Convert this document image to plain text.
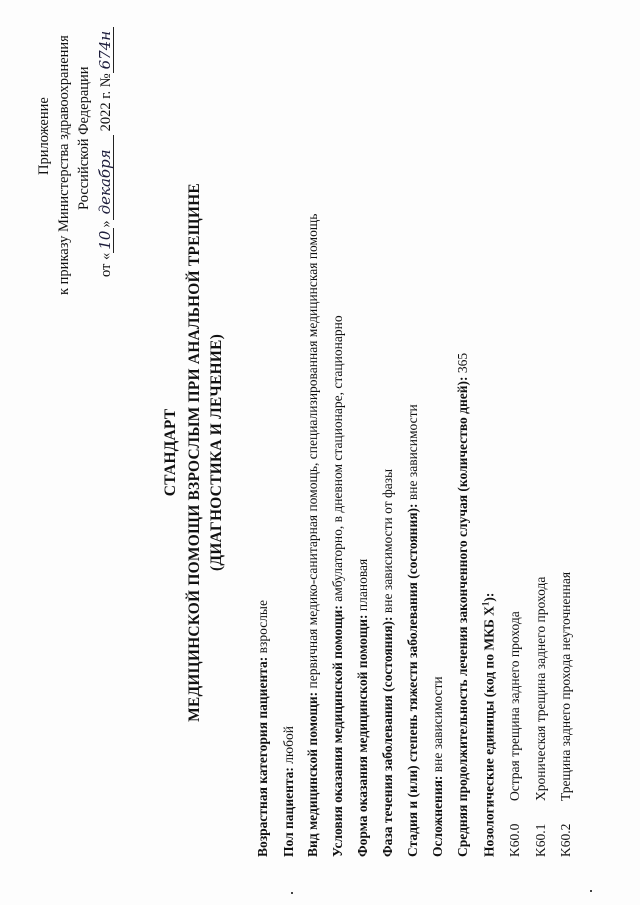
Приложение к приказу Министерства здравоохранения Российской Федерации
от «10»декабря2022 г. №674н
СТАНДАРТ МЕДИЦИНСКОЙ ПОМОЩИ ВЗРОСЛЫМ ПРИ АНАЛЬНОЙ ТРЕЩИНЕ (ДИАГНОСТИКА И ЛЕЧЕНИЕ)
Возрастная категория пациента: взрослые
Пол пациента: любой Вид медицинской помощи: первичная медико-санитарная помощь, специализированная медицинская помощь
Условия оказания медицинской помощи: амбулаторно, в дневном стационаре, стационарно
Форма оказания медицинской помощи: плановая
Фаза течения заболевания (состояния): вне зависимости от фазы Стадия и (или) степень тяжести заболевания (состояния): вне зависимости
Осложнения: вне зависимости Средняя продолжительность лечения законченного случая (количество дней): 365
Нозологические единицы (код по МКБ $X^1$):
K60.0Острая трещина заднего прохода
K60.1Хроническая трещина заднего прохода
K60.2Трещина заднего прохода неуточненная
